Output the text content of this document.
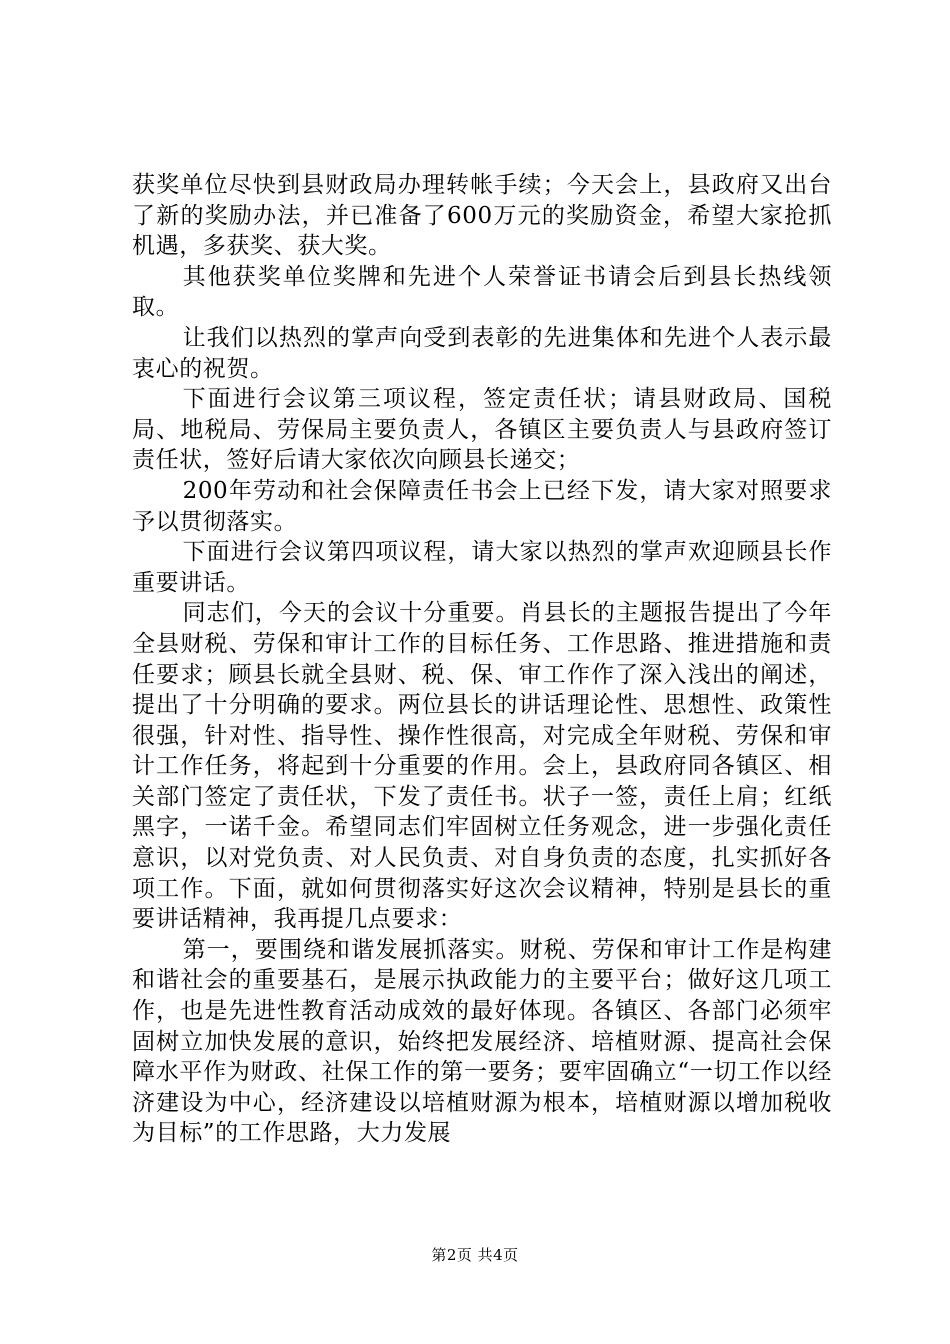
获奖单位尽快到县财政局办理转帐手续；今天会上，县政府又出台了新的奖励办法，并已准备了600万元的奖励资金，希望大家抢抓机遇，多获奖、获大奖。

其他获奖单位奖牌和先进个人荣誉证书请会后到县长热线领取。

让我们以热烈的掌声向受到表彰的先进集体和先进个人表示最衷心的祝贺。

下面进行会议第三项议程，签定责任状；请县财政局、国税局、地税局、劳保局主要负责人，各镇区主要负责人与县政府签订责任状，签好后请大家依次向顾县长递交；

200年劳动和社会保障责任书会上已经下发，请大家对照要求予以贯彻落实。

下面进行会议第四项议程，请大家以热烈的掌声欢迎顾县长作重要讲话。

同志们，今天的会议十分重要。肖县长的主题报告提出了今年全县财税、劳保和审计工作的目标任务、工作思路、推进措施和责任要求；顾县长就全县财、税、保、审工作作了深入浅出的阐述，提出了十分明确的要求。两位县长的讲话理论性、思想性、政策性很强，针对性、指导性、操作性很高，对完成全年财税、劳保和审计工作任务，将起到十分重要的作用。会上，县政府同各镇区、相关部门签定了责任状，下发了责任书。状子一签，责任上肩；红纸黑字，一诺千金。希望同志们牢固树立任务观念，进一步强化责任意识，以对党负责、对人民负责、对自身负责的态度，扎实抓好各项工作。下面，就如何贯彻落实好这次会议精神，特别是县长的重要讲话精神，我再提几点要求：

第一，要围绕和谐发展抓落实。财税、劳保和审计工作是构建和谐社会的重要基石，是展示执政能力的主要平台；做好这几项工作，也是先进性教育活动成效的最好体现。各镇区、各部门必须牢固树立加快发展的意识，始终把发展经济、培植财源、提高社会保障水平作为财政、社保工作的第一要务；要牢固确立“一切工作以经济建设为中心，经济建设以培植财源为根本，培植财源以增加税收为目标”的工作思路，大力发展

第2页 共4页
